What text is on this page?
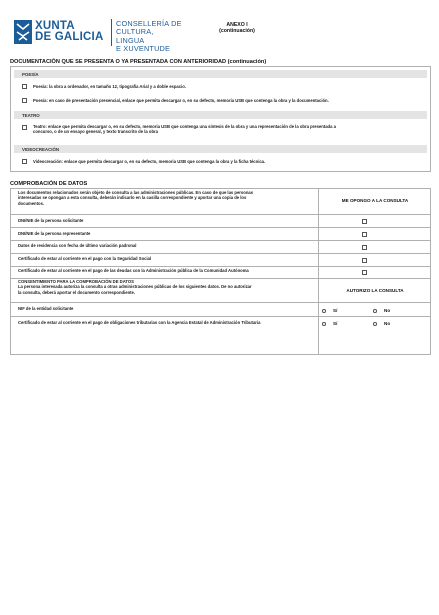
XUNTA
DE GALICIA
CONSELLERÍA DE
CULTURA, LINGUA
E XUVENTUDE
ANEXO I
(continuación)
DOCUMENTACIÓN QUE SE PRESENTA O YA PRESENTADA CON ANTERIORIDAD (continuación)
POESÍA
Poesía: la obra a ordenador, en tamaño 12, tipografía Arial y a doble espacio.
Poesía: en caso de presentación presencial, enlace que permita descargar o, en su defecto, memoria USB que contenga la obra y la documentación.
TEATRO
Teatro: enlace que permita descargar o, en su defecto, memoria USB que contenga una síntesis de la obra y una representación de la obra presentada a
concurso, o de un ensayo general, y texto transcrito de la obra
VIDEOCREACIÓN
Videocreación: enlace que permita descargar o, en su defecto, memoria USB que contenga la obra y la ficha técnica.
COMPROBACIÓN DE DATOS
Los documentos relacionados serán objeto de consulta a las administraciones públicas. En caso de que las personas
interesadas se opongan a esta consulta, deberán indicarlo en la casilla correspondiente y aportar una copia de los
documentos.
ME OPONGO A LA CONSULTA
DNI/NIE de la persona solicitante
DNI/NIE de la persona representante
Datos de residencia con fecha de último variación padronal
Certificado de estar al corriente en el pago con la Seguridad Social
Certificado de estar al corriente en el pago de las deudas con la Administración pública de la Comunidad Autónoma
CONSENTIMIENTO PARA LA COMPROBACIÓN DE DATOS
La persona interesada autoriza la consulta a otras administraciones públicas de los siguientes datos. De no autorizar
la consulta, deberá aportar el documento correspondiente.	AUTORIZO LA CONSULTA
NIF de la entidad solicitante	Sí	No
Certificado de estar al corriente en el pago de obligaciones tributarias con la Agencia Estatal de Administración Tributaria	Sí	No
